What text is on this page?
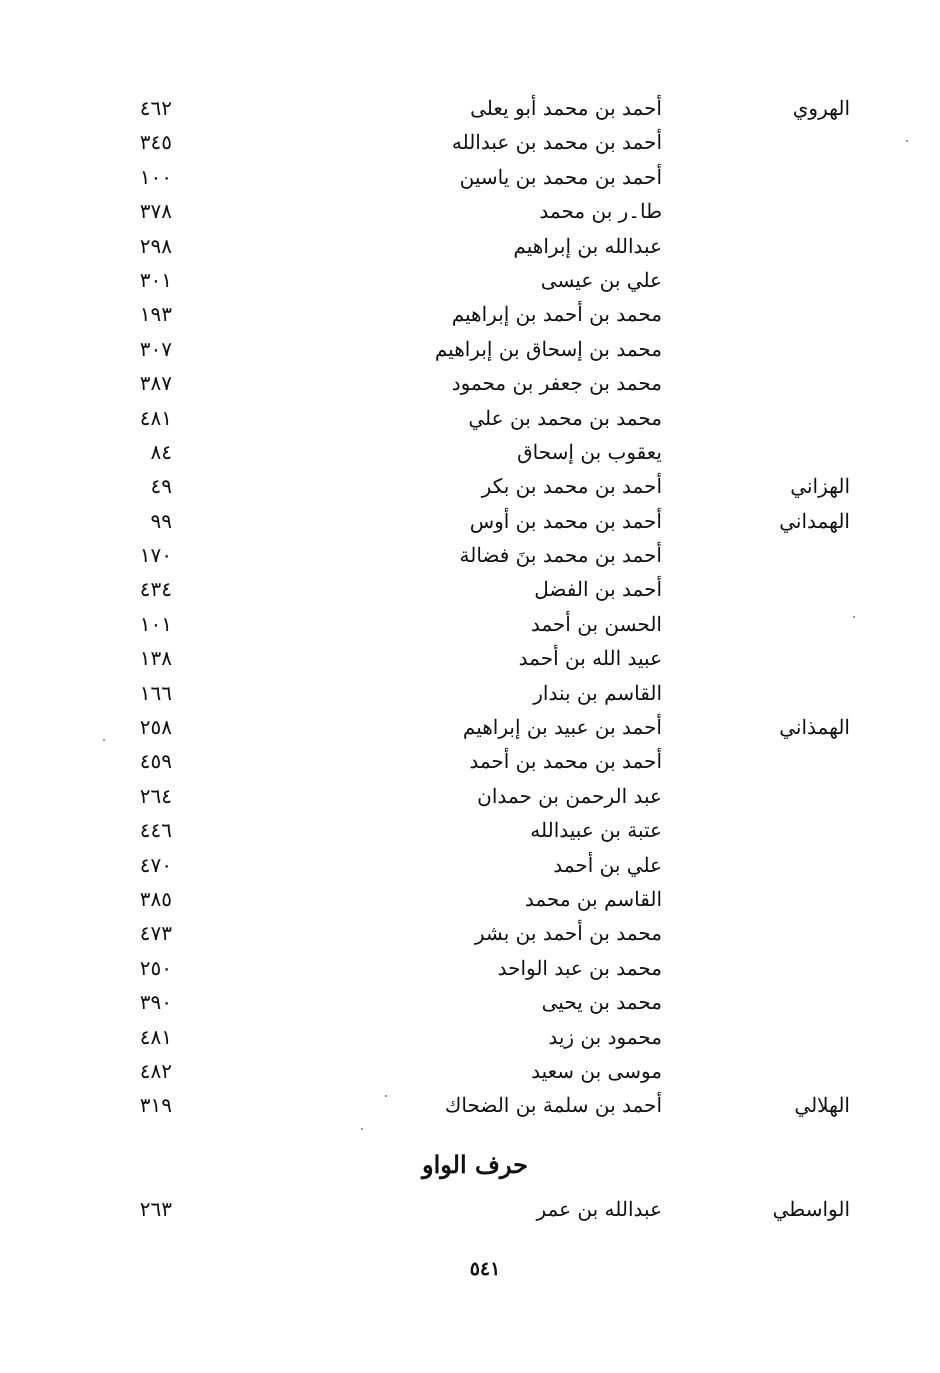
الهروي
أحمد بن محمد أبو يعلى
٤٦٢
أحمد بن محمد بن عبدالله
٣٤٥
أحمد بن محمد بن ياسين
١٠٠
طا۔ر بن محمد
٣٧٨
عبدالله بن إبراهيم
٢٩٨
علي بن عيسى
٣٠١
محمد بن أحمد بن إبراهيم
١٩٣
محمد بن إسحاق بن إبراهيم
٣٠٧
محمد بن جعفر بن محمود
٣٨٧
محمد بن محمد بن علي
٤٨١
يعقوب بن إسحاق
٨٤
الهزاني
أحمد بن محمد بن بكر
٤٩
الهمداني
أحمد بن محمد بن أوس
٩٩
أحمد بن محمد بنَ فضالة
١٧٠
أحمد بن الفضل
٤٣٤
الحسن بن أحمد
١٠١
عبيد الله بن أحمد
١٣٨
القاسم بن بندار
١٦٦
الهمذاني
أحمد بن عبيد بن إبراهيم
٢٥٨
أحمد بن محمد بن أحمد
٤٥٩
عبد الرحمن بن حمدان
٢٦٤
عتبة بن عبيدالله
٤٤٦
علي بن أحمد
٤٧٠
القاسم بن محمد
٣٨٥
محمد بن أحمد بن بشر
٤٧٣
محمد بن عبد الواحد
٢٥٠
محمد بن يحيى
٣٩٠
محمود بن زيد
٤٨١
موسى بن سعيد
٤٨٢
الهلالي
أحمد بن سلمة بن الضحاك
٣١٩
حرف الواو
الواسطي
عبدالله بن عمر
٢٦٣
٥٤١
